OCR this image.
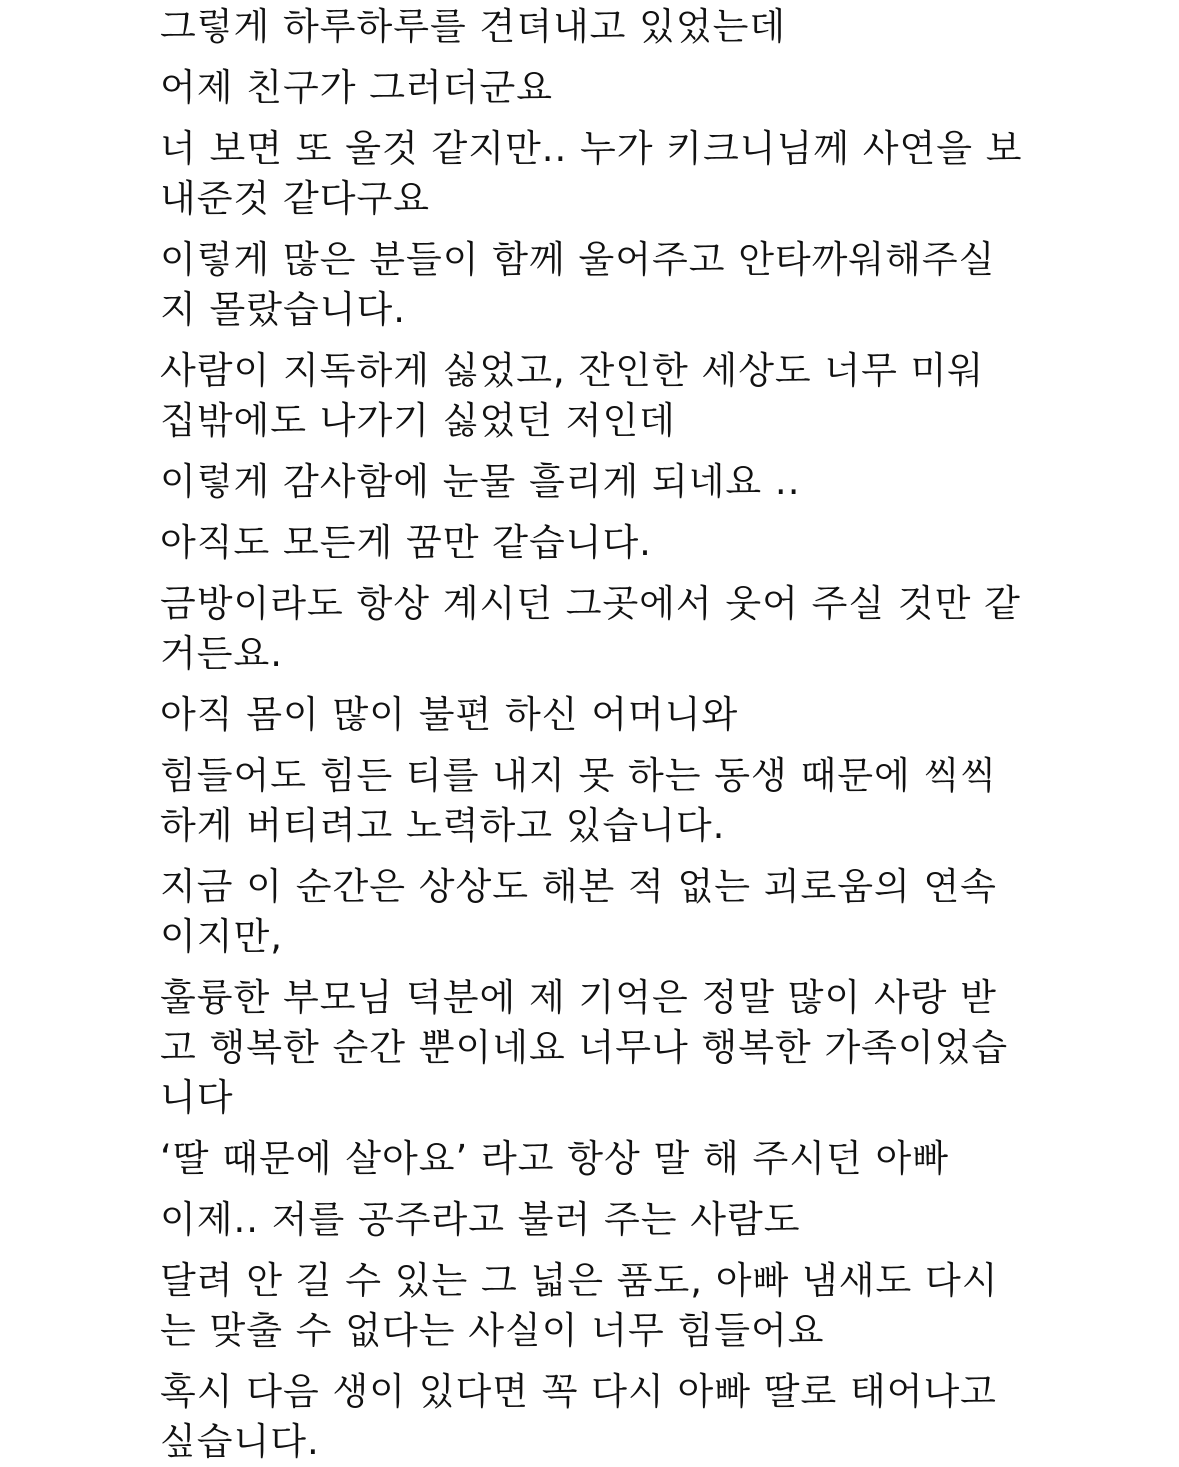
그렇게 하루하루를 견뎌내고 있었는데

어제 친구가 그러더군요

너 보면 또 울것 같지만.. 누가 키크니님께 사연을 보
내준것 같다구요

이렇게 많은 분들이 함께 울어주고 안타까워해주실
지 몰랐습니다.

사람이 지독하게 싫었고, 잔인한 세상도 너무 미워
집밖에도 나가기 싫었던 저인데

이렇게 감사함에 눈물 흘리게 되네요 ..

아직도 모든게 꿈만 같습니다.

금방이라도 항상 계시던 그곳에서 웃어 주실 것만 같
거든요.

아직 몸이 많이 불편 하신 어머니와

힘들어도 힘든 티를 내지 못 하는 동생 때문에 씩씩
하게 버티려고 노력하고 있습니다.

지금 이 순간은 상상도 해본 적 없는 괴로움의 연속
이지만,

훌륭한 부모님 덕분에 제 기억은 정말 많이 사랑 받
고 행복한 순간 뿐이네요 너무나 행복한 가족이었습
니다

‘딸 때문에 살아요’ 라고 항상 말 해 주시던 아빠

이제.. 저를 공주라고 불러 주는 사람도

달려 안 길 수 있는 그 넓은 품도, 아빠 냄새도 다시
는 맞출 수 없다는 사실이 너무 힘들어요

혹시 다음 생이 있다면 꼭 다시 아빠 딸로 태어나고
싶습니다.
